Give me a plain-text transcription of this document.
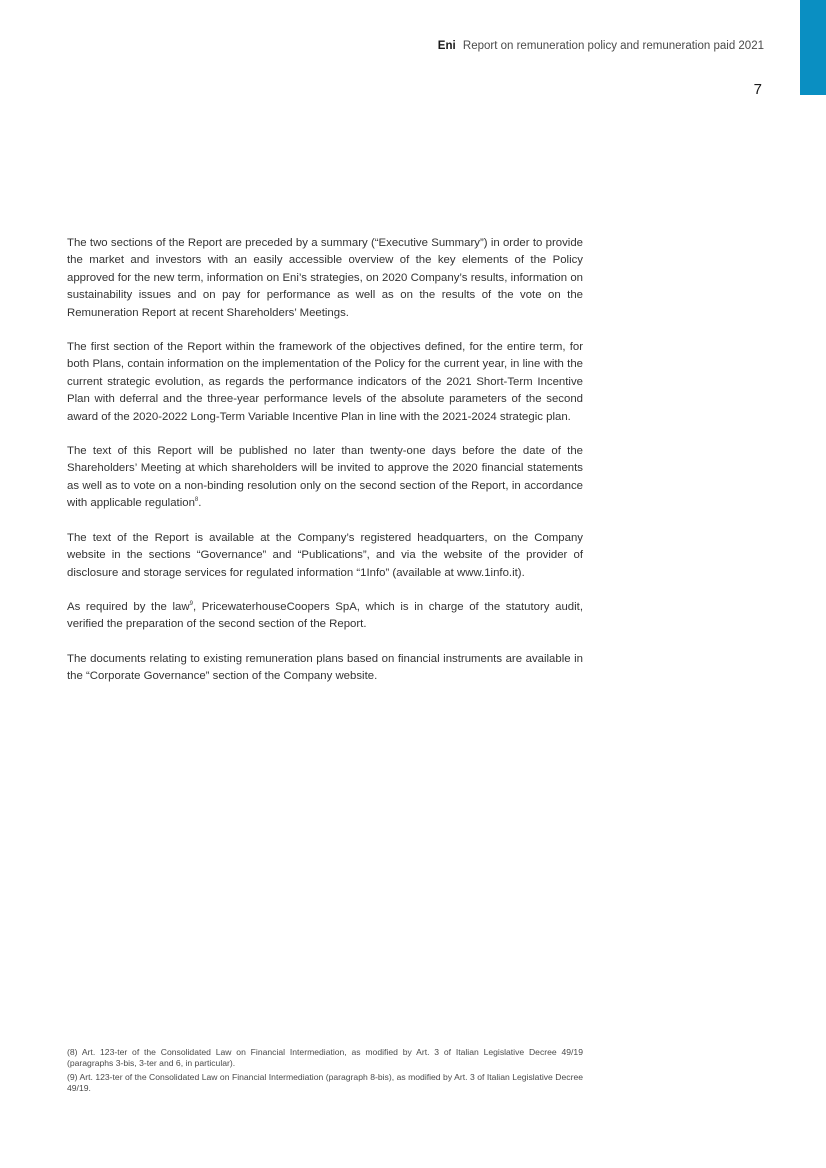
Eni Report on remuneration policy and remuneration paid 2021
7

The two sections of the Report are preceded by a summary (“Executive Summary”) in order to provide the market and investors with an easily accessible overview of the key elements of the Policy approved for the new term, information on Eni’s strategies, on 2020 Company’s results, information on sustainability issues and on pay for performance as well as on the results of the vote on the Remuneration Report at recent Shareholders’ Meetings.

The first section of the Report within the framework of the objectives defined, for the entire term, for both Plans, contain information on the implementation of the Policy for the current year, in line with the current strategic evolution, as regards the performance indicators of the 2021 Short-Term Incentive Plan with deferral and the three-year performance levels of the absolute parameters of the second award of the 2020-2022 Long-Term Variable Incentive Plan in line with the 2021-2024 strategic plan.

The text of this Report will be published no later than twenty-one days before the date of the Shareholders’ Meeting at which shareholders will be invited to approve the 2020 financial statements as well as to vote on a non-binding resolution only on the second section of the Report, in accordance with applicable regulation$^8$.

The text of the Report is available at the Company’s registered headquarters, on the Company website in the sections “Governance” and “Publications”, and via the website of the provider of disclosure and storage services for regulated information “1Info” (available at www.1info.it).

As required by the law$^9$, PricewaterhouseCoopers SpA, which is in charge of the statutory audit, verified the preparation of the second section of the Report.

The documents relating to existing remuneration plans based on financial instruments are available in the “Corporate Governance” section of the Company website.

(8) Art. 123-ter of the Consolidated Law on Financial Intermediation, as modified by Art. 3 of Italian Legislative Decree 49/19 (paragraphs 3-bis, 3-ter and 6, in particular).

(9) Art. 123-ter of the Consolidated Law on Financial Intermediation (paragraph 8-bis), as modified by Art. 3 of Italian Legislative Decree 49/19.
